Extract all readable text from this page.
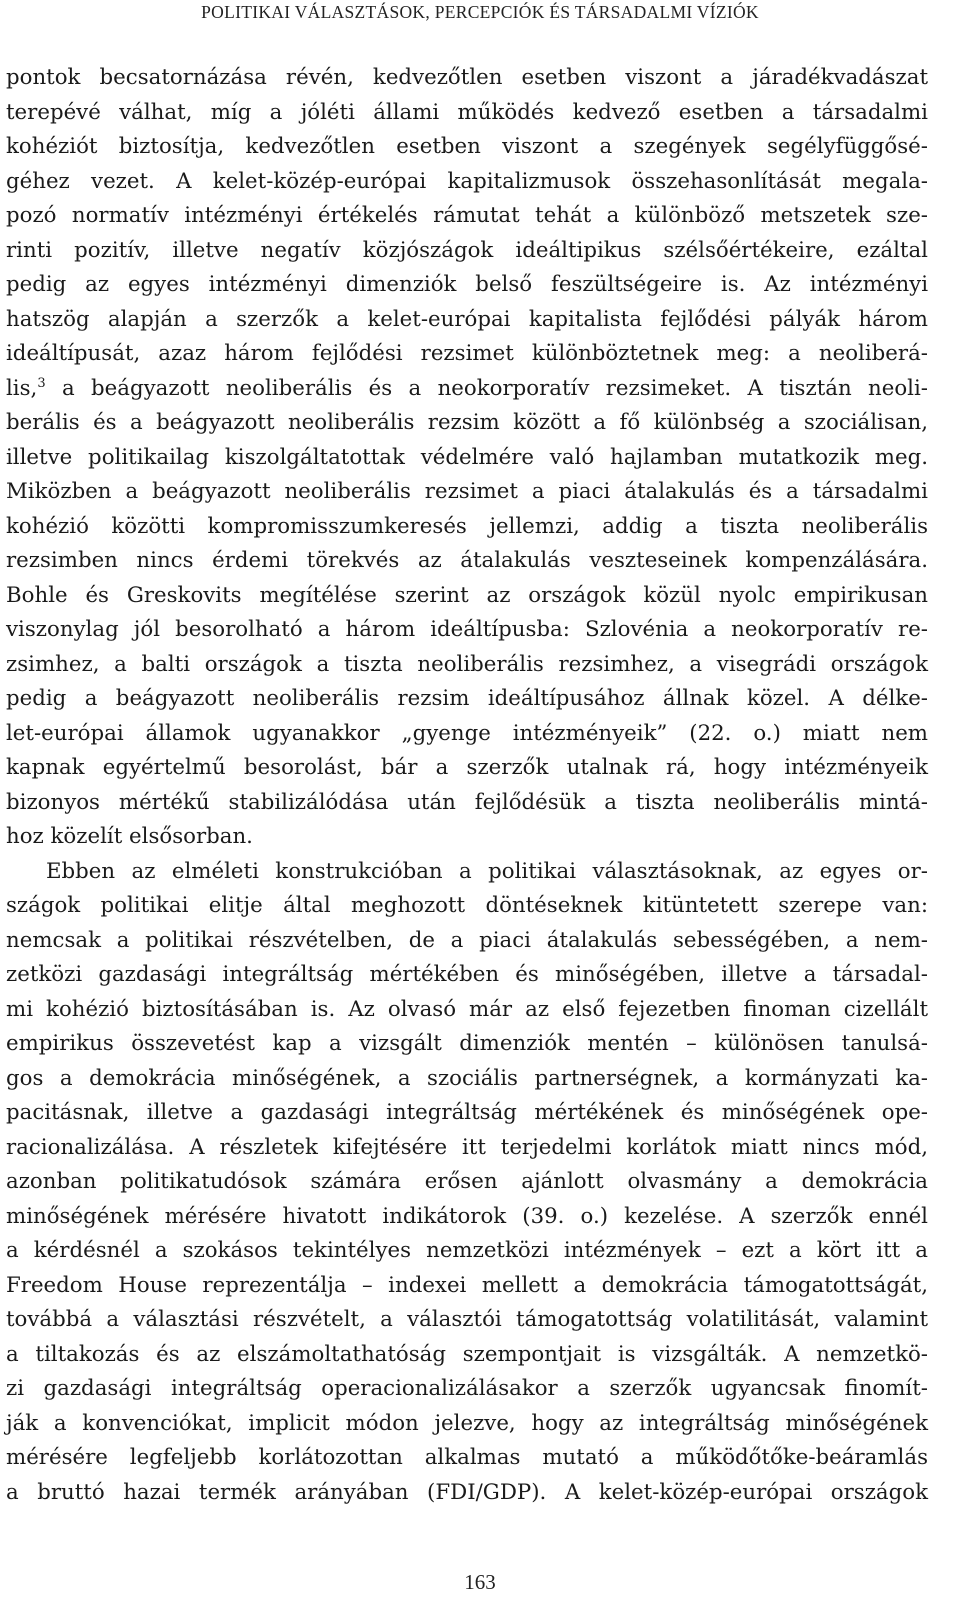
POLITIKAI VÁLASZTÁSOK, PERCEPCIÓK ÉS TÁRSADALMI VÍZIÓK
pontok becsatornázása révén, kedvezőtlen esetben viszont a járadékvadászat
terepévé válhat, míg a jóléti állami működés kedvező esetben a társadalmi
kohéziót biztosítja, kedvezőtlen esetben viszont a szegények segélyfüggősé-
géhez vezet. A kelet-közép-európai kapitalizmusok összehasonlítását megala-
pozó normatív intézményi értékelés rámutat tehát a különböző metszetek sze-
rinti pozitív, illetve negatív közjószágok ideáltipikus szélsőértékeire, ezáltal
pedig az egyes intézményi dimenziók belső feszültségeire is. Az intézményi
hatszög alapján a szerzők a kelet-európai kapitalista fejlődési pályák három
ideáltípusát, azaz három fejlődési rezsimet különböztetnek meg: a neoliberá-
lis,$^3$ a beágyazott neoliberális és a neokorporatív rezsimeket. A tisztán neoli-
berális és a beágyazott neoliberális rezsim között a fő különbség a szociálisan,
illetve politikailag kiszolgáltatottak védelmére való hajlamban mutatkozik meg.
Miközben a beágyazott neoliberális rezsimet a piaci átalakulás és a társadalmi
kohézió közötti kompromisszumkeresés jellemzi, addig a tiszta neoliberális
rezsimben nincs érdemi törekvés az átalakulás veszteseinek kompenzálására.
Bohle és Greskovits megítélése szerint az országok közül nyolc empirikusan
viszonylag jól besorolható a három ideáltípusba: Szlovénia a neokorporatív re-
zsimhez, a balti országok a tiszta neoliberális rezsimhez, a visegrádi országok
pedig a beágyazott neoliberális rezsim ideáltípusához állnak közel. A délke-
let-európai államok ugyanakkor „gyenge intézményeik” (22. o.) miatt nem
kapnak egyértelmű besorolást, bár a szerzők utalnak rá, hogy intézményeik
bizonyos mértékű stabilizálódása után fejlődésük a tiszta neoliberális mintá-
hoz közelít elsősorban.
Ebben az elméleti konstrukcióban a politikai választásoknak, az egyes or-
szágok politikai elitje által meghozott döntéseknek kitüntetett szerepe van:
nemcsak a politikai részvételben, de a piaci átalakulás sebességében, a nem-
zetközi gazdasági integráltság mértékében és minőségében, illetve a társadal-
mi kohézió biztosításában is. Az olvasó már az első fejezetben finoman cizellált
empirikus összevetést kap a vizsgált dimenziók mentén – különösen tanulsá-
gos a demokrácia minőségének, a szociális partnerségnek, a kormányzati ka-
pacitásnak, illetve a gazdasági integráltság mértékének és minőségének ope-
racionalizálása. A részletek kifejtésére itt terjedelmi korlátok miatt nincs mód,
azonban politikatudósok számára erősen ajánlott olvasmány a demokrácia
minőségének mérésére hivatott indikátorok (39. o.) kezelése. A szerzők ennél
a kérdésnél a szokásos tekintélyes nemzetközi intézmények – ezt a kört itt a
Freedom House reprezentálja – indexei mellett a demokrácia támogatottságát,
továbbá a választási részvételt, a választói támogatottság volatilitását, valamint
a tiltakozás és az elszámoltathatóság szempontjait is vizsgálták. A nemzetkö-
zi gazdasági integráltság operacionalizálásakor a szerzők ugyancsak finomít-
ják a konvenciókat, implicit módon jelezve, hogy az integráltság minőségének
mérésére legfeljebb korlátozottan alkalmas mutató a működőtőke-beáramlás
a bruttó hazai termék arányában (FDI/GDP). A kelet-közép-európai országok
163
